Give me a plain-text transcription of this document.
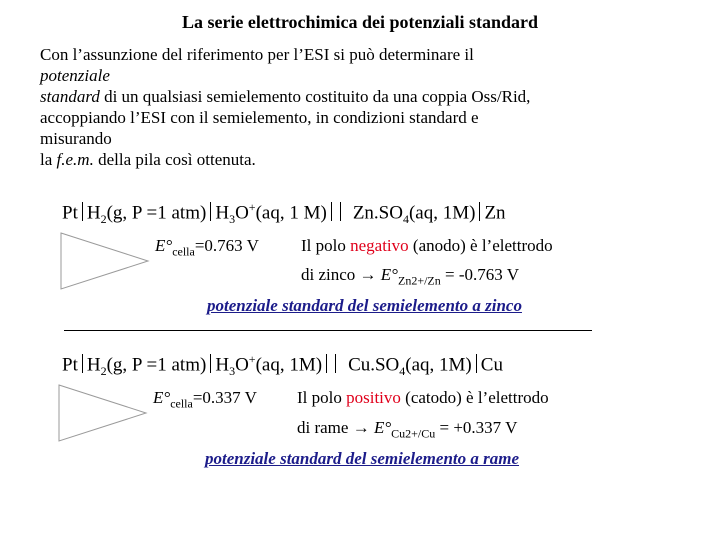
La serie elettrochimica dei potenziali standard
Con l’assunzione del riferimento per l’ESI si può determinare il
potenziale
standard di un qualsiasi semielemento costituito da una coppia Oss/Rid,
accoppiando l’ESI con il semielemento, in condizioni standard e
misurando
la f.e.m. della pila così ottenuta.
Pt $H_2(g$, P =1 atm) $H_3O^+(aq$, 1 M) $Zn.SO_4(aq$, 1M) Zn
$E^\circ_{cella}=0.763$ V Il polo negativo (anodo) è l’elettrodo
di zinco → $E^\circ_{Zn2+/Zn} = -0.763$ V
potenziale standard del semielemento a zinco
Pt $H_2(g$, P =1 atm) $H_3O^+(aq$, 1M) $Cu.SO_4(aq$, 1M) Cu
$E^\circ_{cella}=0.337$ V Il polo positivo (catodo) è l’elettrodo
di rame → $E^\circ_{Cu2+/Cu} = +0.337$ V
potenziale standard del semielemento a rame
